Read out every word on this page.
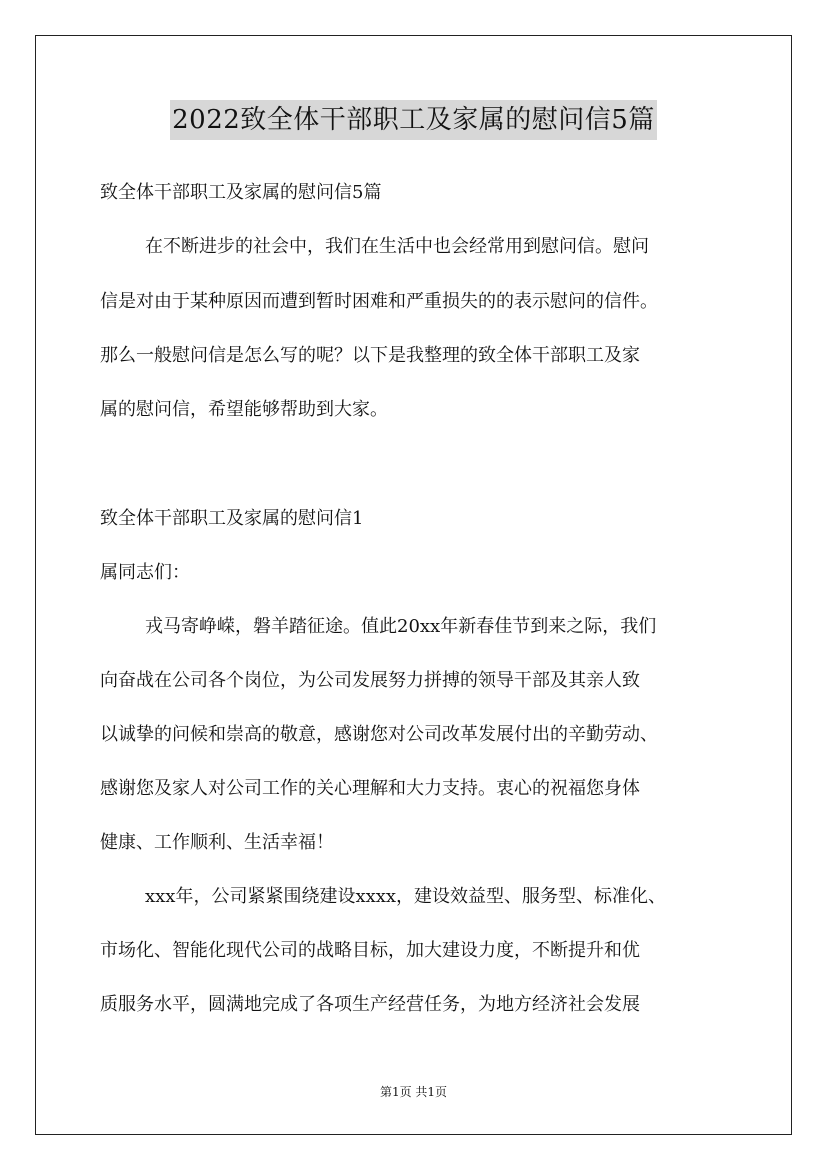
2022致全体干部职工及家属的慰问信5篇
致全体干部职工及家属的慰问信5篇
在不断进步的社会中，我们在生活中也会经常用到慰问信。慰问
信是对由于某种原因而遭到暂时困难和严重损失的的表示慰问的信件。
那么一般慰问信是怎么写的呢？以下是我整理的致全体干部职工及家
属的慰问信，希望能够帮助到大家。
致全体干部职工及家属的慰问信1
属同志们：
戎马寄峥嵘，磐羊踏征途。值此20xx年新春佳节到来之际，我们
向奋战在公司各个岗位，为公司发展努力拼搏的领导干部及其亲人致
以诚挚的问候和崇高的敬意，感谢您对公司改革发展付出的辛勤劳动、
感谢您及家人对公司工作的关心理解和大力支持。衷心的祝福您身体
健康、工作顺利、生活幸福！
xxx年，公司紧紧围绕建设xxxx，建设效益型、服务型、标准化、
市场化、智能化现代公司的战略目标，加大建设力度，不断提升和优
质服务水平，圆满地完成了各项生产经营任务，为地方经济社会发展
第1页 共1页
